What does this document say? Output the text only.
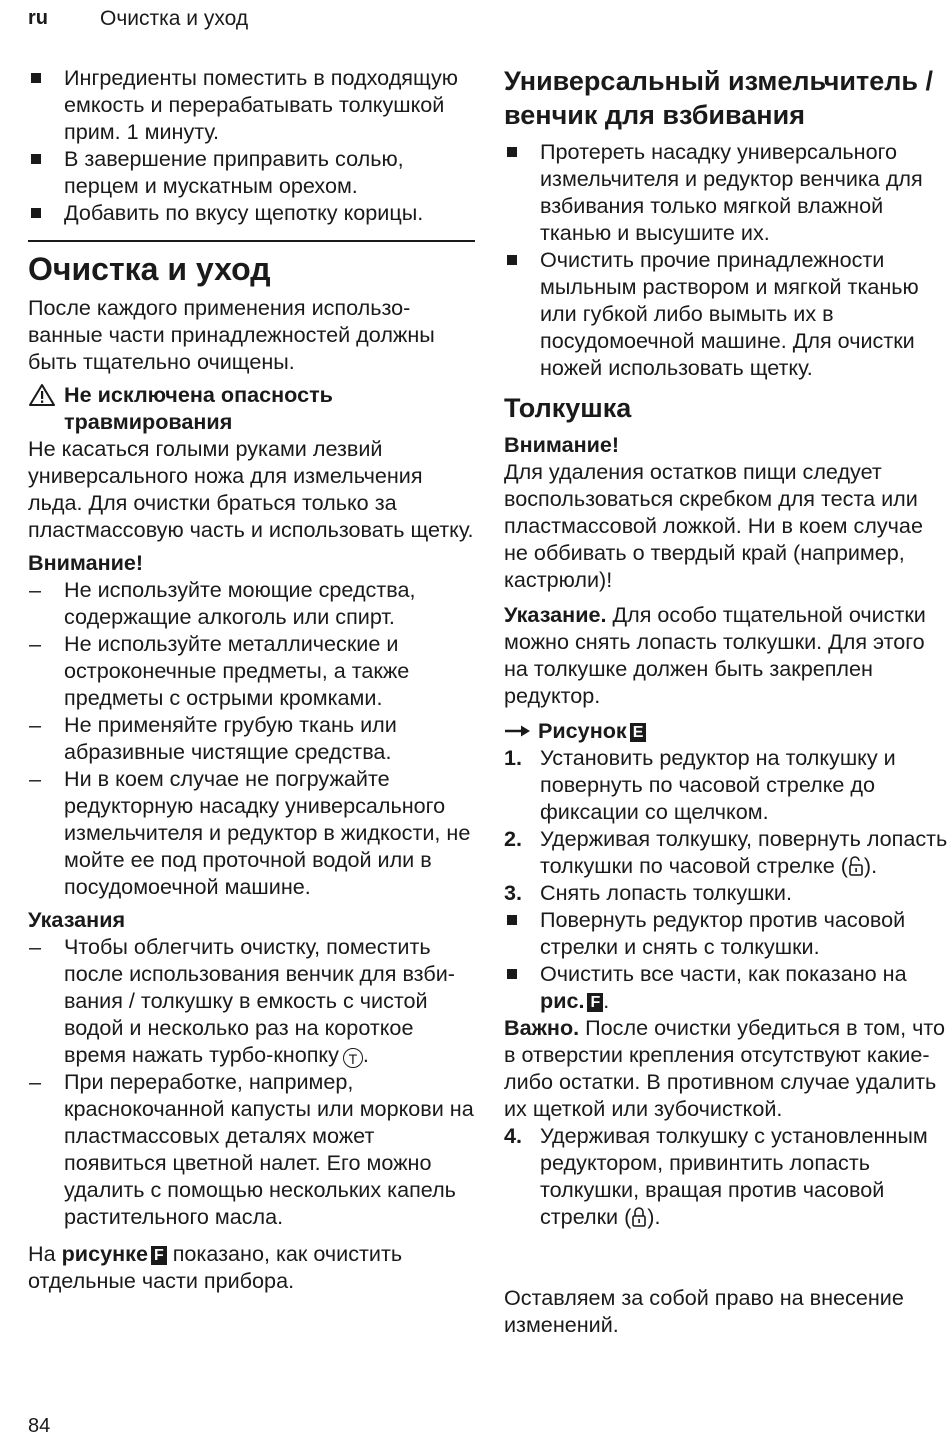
ru Очистка и уход
Ингредиенты поместить в подходящую емкость и перерабатывать толкушкой прим. 1 минуту.
В завершение приправить солью, перцем и мускатным орехом.
Добавить по вкусу щепотку корицы.
Очистка и уход

После каждого применения использованные части принадлежностей должны быть тщательно очищены.

Не исключена опасность травмирования

Не касаться голыми руками лезвий универсального ножа для измельчения льда. Для очистки браться только за пластмассовую часть и использовать щетку.

Внимание!
–	Не используйте моющие средства, содержащие алкоголь или спирт.
–	Не используйте металлические и остроконечные предметы, а также предметы с острыми кромками.
–	Не применяйте грубую ткань или абразивные чистящие средства.
–	Ни в коем случае не погружайте редукторную насадку универсального измельчителя и редуктор в жидкости, не мойте ее под проточной водой или в посудомоечной машине.
Указания
–	Чтобы облегчить очистку, поместить после использования венчик для взбивания / толкушку в емкость с чистой водой и несколько раз на короткое время нажать турбо-кнопку T .
–	При переработке, например, краснокочанной капусты или моркови на пластмассовых деталях может появиться цветной налет. Его можно удалить с помощью нескольких капель растительного масла.

На рисунке F показано, как очистить отдельные части прибора.

Универсальный измельчитель / венчик для взбивания
Протереть насадку универсального измельчителя и редуктор венчика для взбивания только мягкой влажной тканью и высушите их.
Очистить прочие принадлежности мыльным раствором и мягкой тканью или губкой либо вымыть их в посудомоечной машине. Для очистки ножей использовать щетку.
Толкушка
Внимание!

Для удаления остатков пищи следует воспользоваться скребком для теста или пластмассовой ложкой. Ни в коем случае не оббивать о твердый край (например, кастрюли)!

Указание. Для особо тщательной очистки можно снять лопасть толкушки. Для этого на толкушке должен быть закреплен редуктор.

Рисунок E
1. Установить редуктор на толкушку и повернуть по часовой стрелке до фиксации со щелчком.
2. Удерживая толкушку, повернуть лопасть толкушки по часовой стрелке ( ).
3. Снять лопасть толкушки.
Повернуть редуктор против часовой стрелки и снять с толкушки.
Очистить все части, как показано на рис. F .

Важно. После очистки убедиться в том, что в отверстии крепления отсутствуют какие-либо остатки. В противном случае удалить их щеткой или зубочисткой.

4. Удерживая толкушку с установленным редуктором, привинтить лопасть толкушки, вращая против часовой стрелки ( ).

Оставляем за собой право на внесение изменений.

84
